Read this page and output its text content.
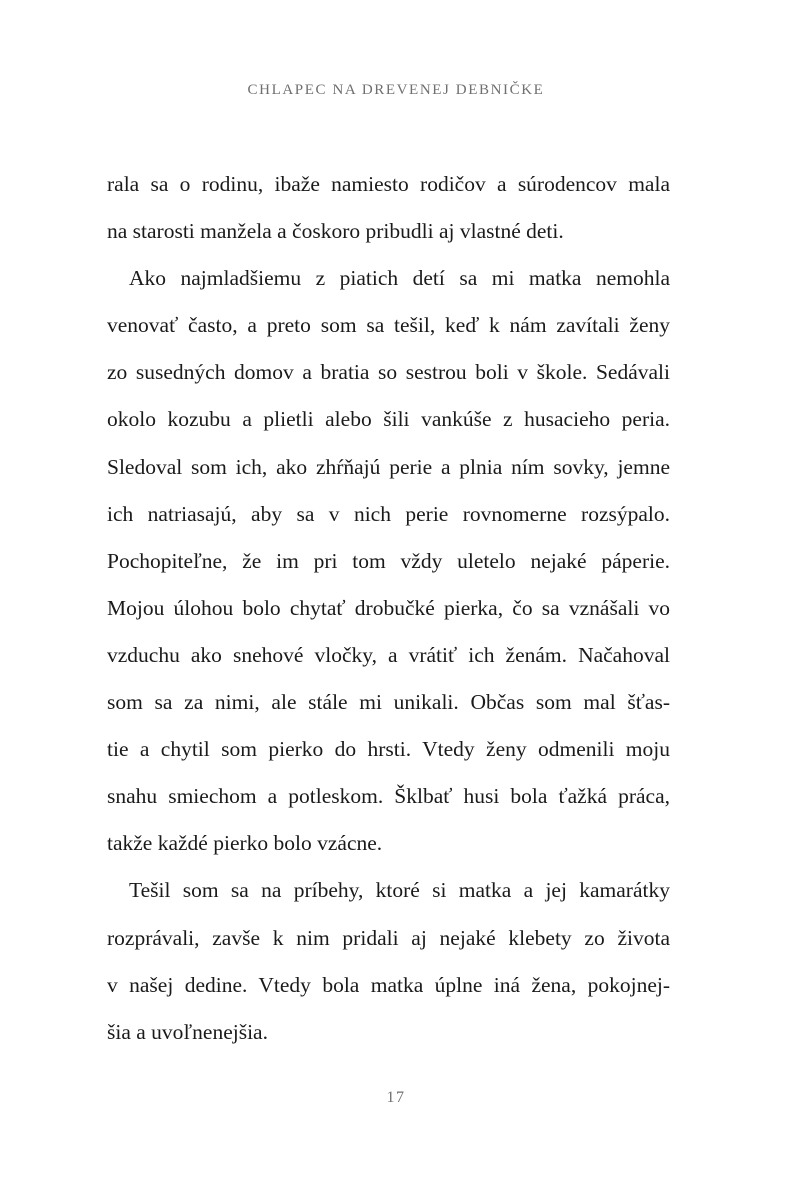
CHLAPEC NA DREVENEJ DEBNIČKE
rala sa o rodinu, ibaže namiesto rodičov a súrodencov mala
na starosti manžela a čoskoro pribudli aj vlastné deti.
Ako najmladšiemu z piatich detí sa mi matka nemohla
venovať často, a preto som sa tešil, keď k nám zavítali ženy
zo susedných domov a bratia so sestrou boli v škole. Sedávali
okolo kozubu a plietli alebo šili vankúše z husacieho peria.
Sledoval som ich, ako zhŕňajú perie a plnia ním sovky, jemne
ich natriasajú, aby sa v nich perie rovnomerne rozsýpalo.
Pochopiteľne, že im pri tom vždy uletelo nejaké páperie.
Mojou úlohou bolo chytať drobučké pierka, čo sa vznášali vo
vzduchu ako snehové vločky, a vrátiť ich ženám. Načahoval
som sa za nimi, ale stále mi unikali. Občas som mal šťas-
tie a chytil som pierko do hrsti. Vtedy ženy odmenili moju
snahu smiechom a potleskom. Šklbať husi bola ťažká práca,
takže každé pierko bolo vzácne.
Tešil som sa na príbehy, ktoré si matka a jej kamarátky
rozprávali, zavše k nim pridali aj nejaké klebety zo života
v našej dedine. Vtedy bola matka úplne iná žena, pokojnej-
šia a uvoľnenejšia.
17
